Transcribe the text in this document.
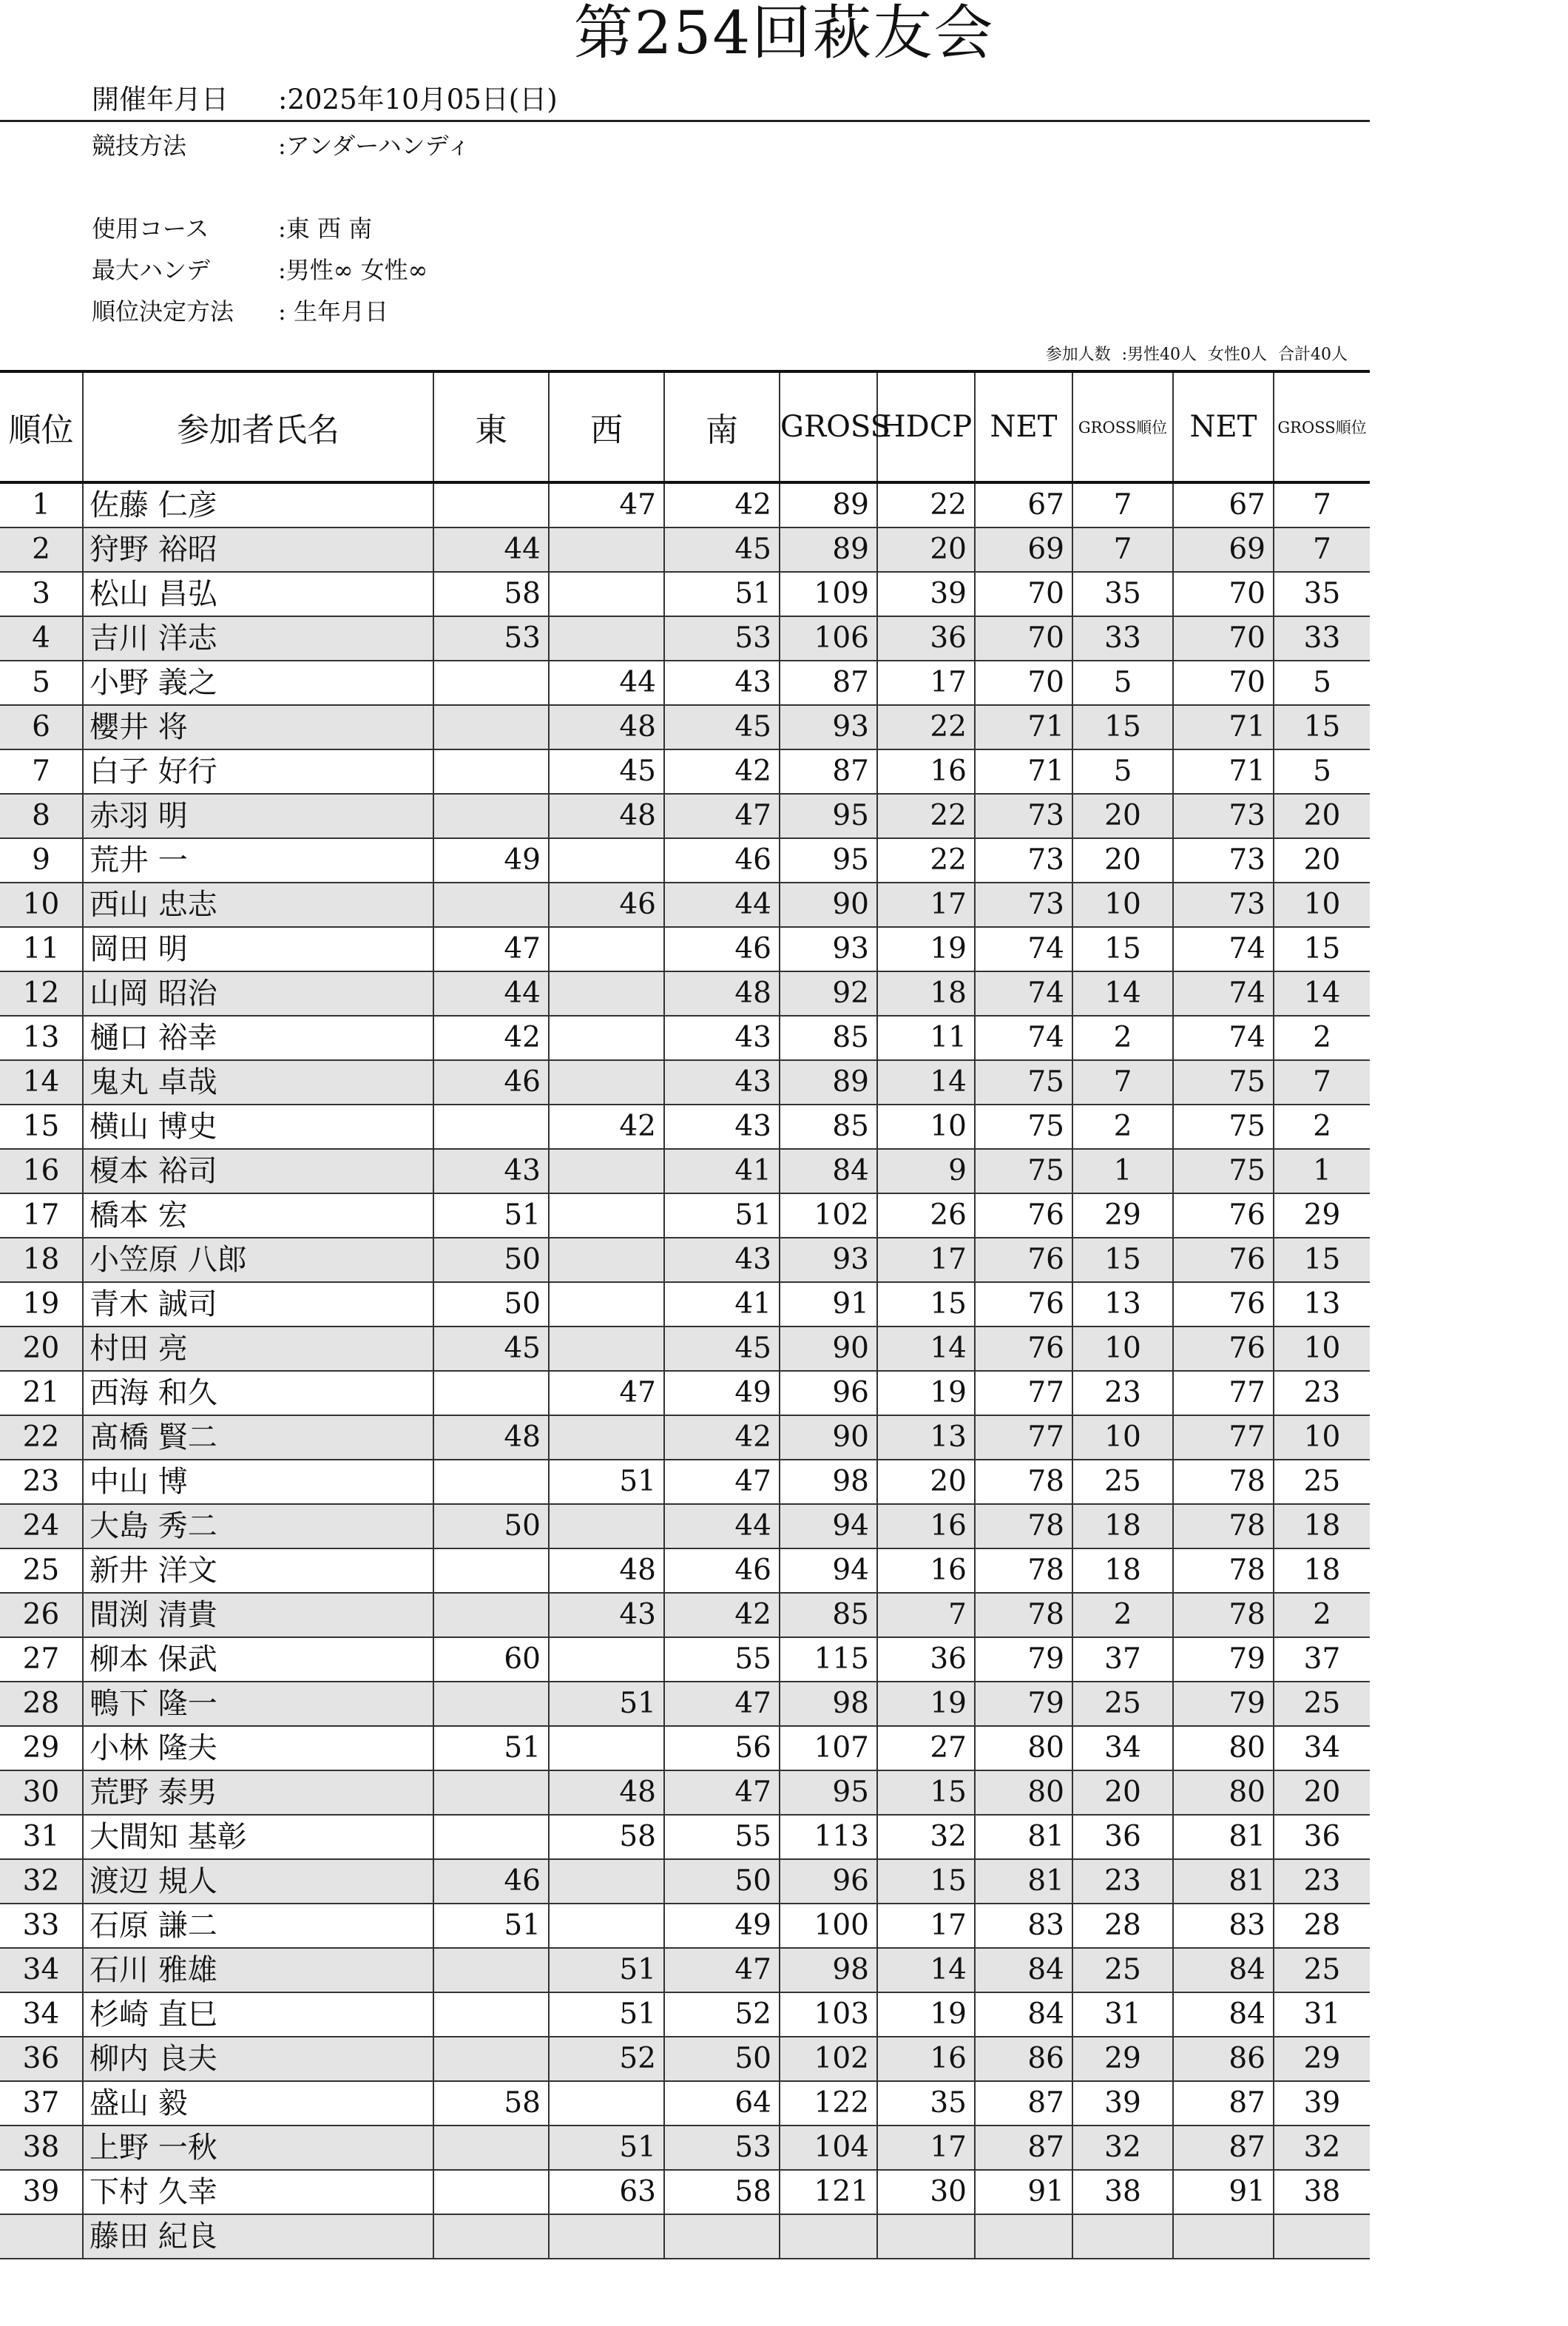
第254回萩友会
開催年月日 :2025年10月05日(日)
競技方法	:アンダーハンディ
使用コース	:東 西 南
最大ハンデ	:男性∞ 女性∞
順位決定方法 : 生年月日
参加人数 :男性40人 女性0人 合計40人
順位	参加者氏名	東	西	南	GROSS	HDCP	NET	GROSS順位	NET	GROSS順位
1	佐藤 仁彦		47	42	89	22	67	7	67	7
2	狩野 裕昭	44		45	89	20	69	7	69	7
3	松山 昌弘	58		51	109	39	70	35	70	35
4	吉川 洋志	53		53	106	36	70	33	70	33
5	小野 義之		44	43	87	17	70	5	70	5
6	櫻井 将		48	45	93	22	71	15	71	15
7	白子 好行		45	42	87	16	71	5	71	5
8	赤羽 明		48	47	95	22	73	20	73	20
9	荒井 一	49		46	95	22	73	20	73	20
10	西山 忠志		46	44	90	17	73	10	73	10
11	岡田 明	47		46	93	19	74	15	74	15
12	山岡 昭治	44		48	92	18	74	14	74	14
13	樋口 裕幸	42		43	85	11	74	2	74	2
14	鬼丸 卓哉	46		43	89	14	75	7	75	7
15	横山 博史		42	43	85	10	75	2	75	2
16	榎本 裕司	43		41	84	9	75	1	75	1
17	橋本 宏	51		51	102	26	76	29	76	29
18	小笠原 八郎	50		43	93	17	76	15	76	15
19	青木 誠司	50		41	91	15	76	13	76	13
20	村田 亮	45		45	90	14	76	10	76	10
21	西海 和久		47	49	96	19	77	23	77	23
22	髙橋 賢二	48		42	90	13	77	10	77	10
23	中山 博		51	47	98	20	78	25	78	25
24	大島 秀二	50		44	94	16	78	18	78	18
25	新井 洋文		48	46	94	16	78	18	78	18
26	間渕 清貴		43	42	85	7	78	2	78	2
27	柳本 保武	60		55	115	36	79	37	79	37
28	鴨下 隆一		51	47	98	19	79	25	79	25
29	小林 隆夫	51		56	107	27	80	34	80	34
30	荒野 泰男		48	47	95	15	80	20	80	20
31	大間知 基彰		58	55	113	32	81	36	81	36
32	渡辺 規人	46		50	96	15	81	23	81	23
33	石原 謙二	51		49	100	17	83	28	83	28
34	石川 雅雄		51	47	98	14	84	25	84	25
34	杉崎 直巳		51	52	103	19	84	31	84	31
36	柳内 良夫		52	50	102	16	86	29	86	29
37	盛山 毅	58		64	122	35	87	39	87	39
38	上野 一秋		51	53	104	17	87	32	87	32
39	下村 久幸		63	58	121	30	91	38	91	38
	藤田 紀良									
